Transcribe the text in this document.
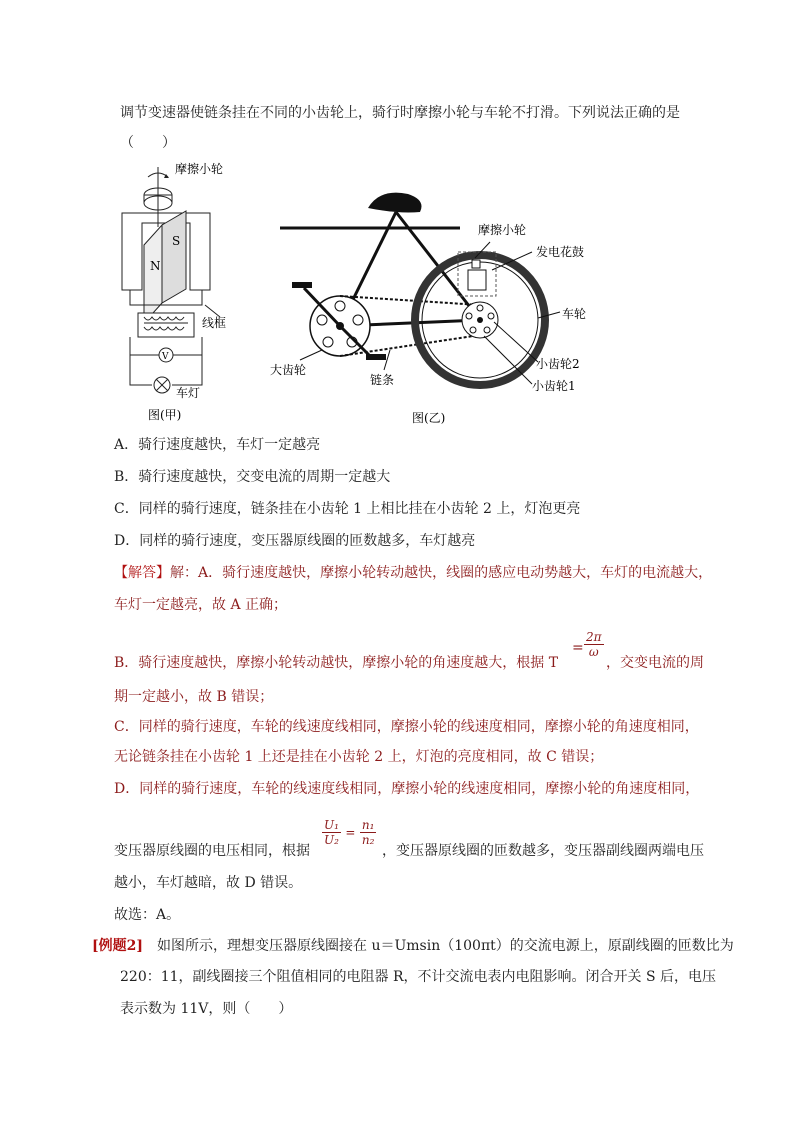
调节变速器使链条挂在不同的小齿轮上，骑行时摩擦小轮与车轮不打滑。下列说法正确的是
（　　）
摩擦小轮
N
S
线框
V
车灯
图(甲)
摩擦小轮
发电花鼓
车轮
大齿轮
链条
小齿轮2
小齿轮1
图(乙)
A．骑行速度越快，车灯一定越亮
B．骑行速度越快，交变电流的周期一定越大
C．同样的骑行速度，链条挂在小齿轮 1 上相比挂在小齿轮 2 上，灯泡更亮
D．同样的骑行速度，变压器原线圈的匝数越多，车灯越亮
【解答】解：A．骑行速度越快，摩擦小轮转动越快，线圈的感应电动势越大，车灯的电流越大，
车灯一定越亮，故 A 正确；
B．骑行速度越快，摩擦小轮转动越快，摩擦小轮的角速度越大，根据 T
= $\frac{2\pi}{\omega}$
，交变电流的周
期一定越小，故 B 错误；
C．同样的骑行速度，车轮的线速度线相同，摩擦小轮的线速度相同，摩擦小轮的角速度相同，
无论链条挂在小齿轮 1 上还是挂在小齿轮 2 上，灯泡的亮度相同，故 C 错误；
D．同样的骑行速度，车轮的线速度线相同，摩擦小轮的线速度相同，摩擦小轮的角速度相同，
变压器原线圈的电压相同，根据
$\frac{\text{U₁}}{\text{U₂}} = \frac{\text{n₁}}{\text{n₂}}$
，变压器原线圈的匝数越多，变压器副线圈两端电压
越小，车灯越暗，故 D 错误。
故选：A。
[例题2]　 如图所示，理想变压器原线圈接在 u＝Umsin（100πt）的交流电源上，原副线圈的匝数比为
220：11，副线圈接三个阻值相同的电阻器 R，不计交流电表内电阻影响。闭合开关 S 后，电压
表示数为 11V，则（　　）
